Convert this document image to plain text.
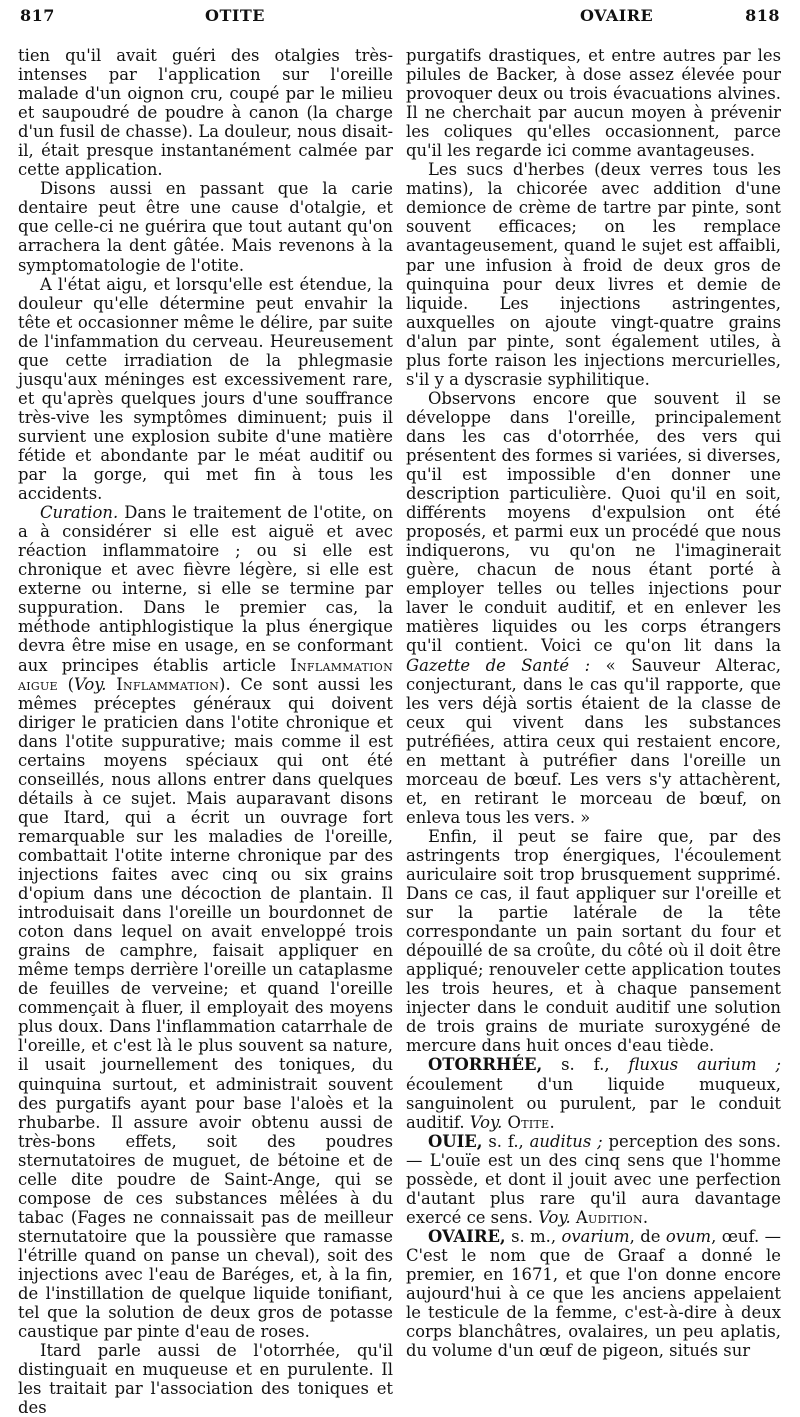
817	OTITE	OVAIRE	818

tien qu'il avait guéri des otalgies très-intenses par l'application sur l'oreille malade d'un oignon cru, coupé par le milieu et saupoudré de poudre à canon (la charge d'un fusil de chasse). La douleur, nous disait-il, était presque instantanément calmée par cette application.

Disons aussi en passant que la carie dentaire peut être une cause d'otalgie, et que celle-ci ne guérira que tout autant qu'on arrachera la dent gâtée. Mais revenons à la symptomatologie de l'otite.

A l'état aigu, et lorsqu'elle est étendue, la douleur qu'elle détermine peut envahir la tête et occasionner même le délire, par suite de l'infammation du cerveau. Heureusement que cette irradiation de la phlegmasie jusqu'aux méninges est excessivement rare, et qu'après quelques jours d'une souffrance très-vive les symptômes diminuent; puis il survient une explosion subite d'une matière fétide et abondante par le méat auditif ou par la gorge, qui met fin à tous les accidents.

Curation. Dans le traitement de l'otite, on a à considérer si elle est aiguë et avec réaction inflammatoire ; ou si elle est chronique et avec fièvre légère, si elle est externe ou interne, si elle se termine par suppuration. Dans le premier cas, la méthode antiphlogistique la plus énergique devra être mise en usage, en se conformant aux principes établis article Inflammation aigue (Voy. Inflammation). Ce sont aussi les mêmes préceptes généraux qui doivent diriger le praticien dans l'otite chronique et dans l'otite suppurative; mais comme il est certains moyens spéciaux qui ont été conseillés, nous allons entrer dans quelques détails à ce sujet. Mais auparavant disons que Itard, qui a écrit un ouvrage fort remarquable sur les maladies de l'oreille, combattait l'otite interne chronique par des injections faites avec cinq ou six grains d'opium dans une décoction de plantain. Il introduisait dans l'oreille un bourdonnet de coton dans lequel on avait enveloppé trois grains de camphre, faisait appliquer en même temps derrière l'oreille un cataplasme de feuilles de verveine; et quand l'oreille commençait à fluer, il employait des moyens plus doux. Dans l'inflammation catarrhale de l'oreille, et c'est là le plus souvent sa nature, il usait journellement des toniques, du quinquina surtout, et administrait souvent des purgatifs ayant pour base l'aloès et la rhubarbe. Il assure avoir obtenu aussi de très-bons effets, soit des poudres sternutatoires de muguet, de bétoine et de celle dite poudre de Saint-Ange, qui se compose de ces substances mêlées à du tabac (Fages ne connaissait pas de meilleur sternutatoire que la poussière que ramasse l'étrille quand on panse un cheval), soit des injections avec l'eau de Baréges, et, à la fin, de l'instillation de quelque liquide tonifiant, tel que la solution de deux gros de potasse caustique par pinte d'eau de roses.

Itard parle aussi de l'otorrhée, qu'il distinguait en muqueuse et en purulente. Il les traitait par l'association des toniques et des

purgatifs drastiques, et entre autres par les pilules de Backer, à dose assez élevée pour provoquer deux ou trois évacuations alvines. Il ne cherchait par aucun moyen à prévenir les coliques qu'elles occasionnent, parce qu'il les regarde ici comme avantageuses.

Les sucs d'herbes (deux verres tous les matins), la chicorée avec addition d'une demionce de crème de tartre par pinte, sont souvent efficaces; on les remplace avantageusement, quand le sujet est affaibli, par une infusion à froid de deux gros de quinquina pour deux livres et demie de liquide. Les injections astringentes, auxquelles on ajoute vingt-quatre grains d'alun par pinte, sont également utiles, à plus forte raison les injections mercurielles, s'il y a dyscrasie syphilitique.

Observons encore que souvent il se développe dans l'oreille, principalement dans les cas d'otorrhée, des vers qui présentent des formes si variées, si diverses, qu'il est impossible d'en donner une description particulière. Quoi qu'il en soit, différents moyens d'expulsion ont été proposés, et parmi eux un procédé que nous indiquerons, vu qu'on ne l'imaginerait guère, chacun de nous étant porté à employer telles ou telles injections pour laver le conduit auditif, et en enlever les matières liquides ou les corps étrangers qu'il contient. Voici ce qu'on lit dans la Gazette de Santé : « Sauveur Alterac, conjecturant, dans le cas qu'il rapporte, que les vers déjà sortis étaient de la classe de ceux qui vivent dans les substances putréfiées, attira ceux qui restaient encore, en mettant à putréfier dans l'oreille un morceau de bœuf. Les vers s'y attachèrent, et, en retirant le morceau de bœuf, on enleva tous les vers. »

Enfin, il peut se faire que, par des astringents trop énergiques, l'écoulement auriculaire soit trop brusquement supprimé. Dans ce cas, il faut appliquer sur l'oreille et sur la partie latérale de la tête correspondante un pain sortant du four et dépouillé de sa croûte, du côté où il doit être appliqué; renouveler cette application toutes les trois heures, et à chaque pansement injecter dans le conduit auditif une solution de trois grains de muriate suroxygéné de mercure dans huit onces d'eau tiède.

OTORRHÉE, s. f., fluxus aurium ; écoulement d'un liquide muqueux, sanguinolent ou purulent, par le conduit auditif. Voy. Otite.

OUIE, s. f., auditus ; perception des sons. — L'ouïe est un des cinq sens que l'homme possède, et dont il jouit avec une perfection d'autant plus rare qu'il aura davantage exercé ce sens. Voy. Audition.

OVAIRE, s. m., ovarium, de ovum, œuf. — C'est le nom que de Graaf a donné le premier, en 1671, et que l'on donne encore aujourd'hui à ce que les anciens appelaient le testicule de la femme, c'est-à-dire à deux corps blanchâtres, ovalaires, un peu aplatis, du volume d'un œuf de pigeon, situés sur
